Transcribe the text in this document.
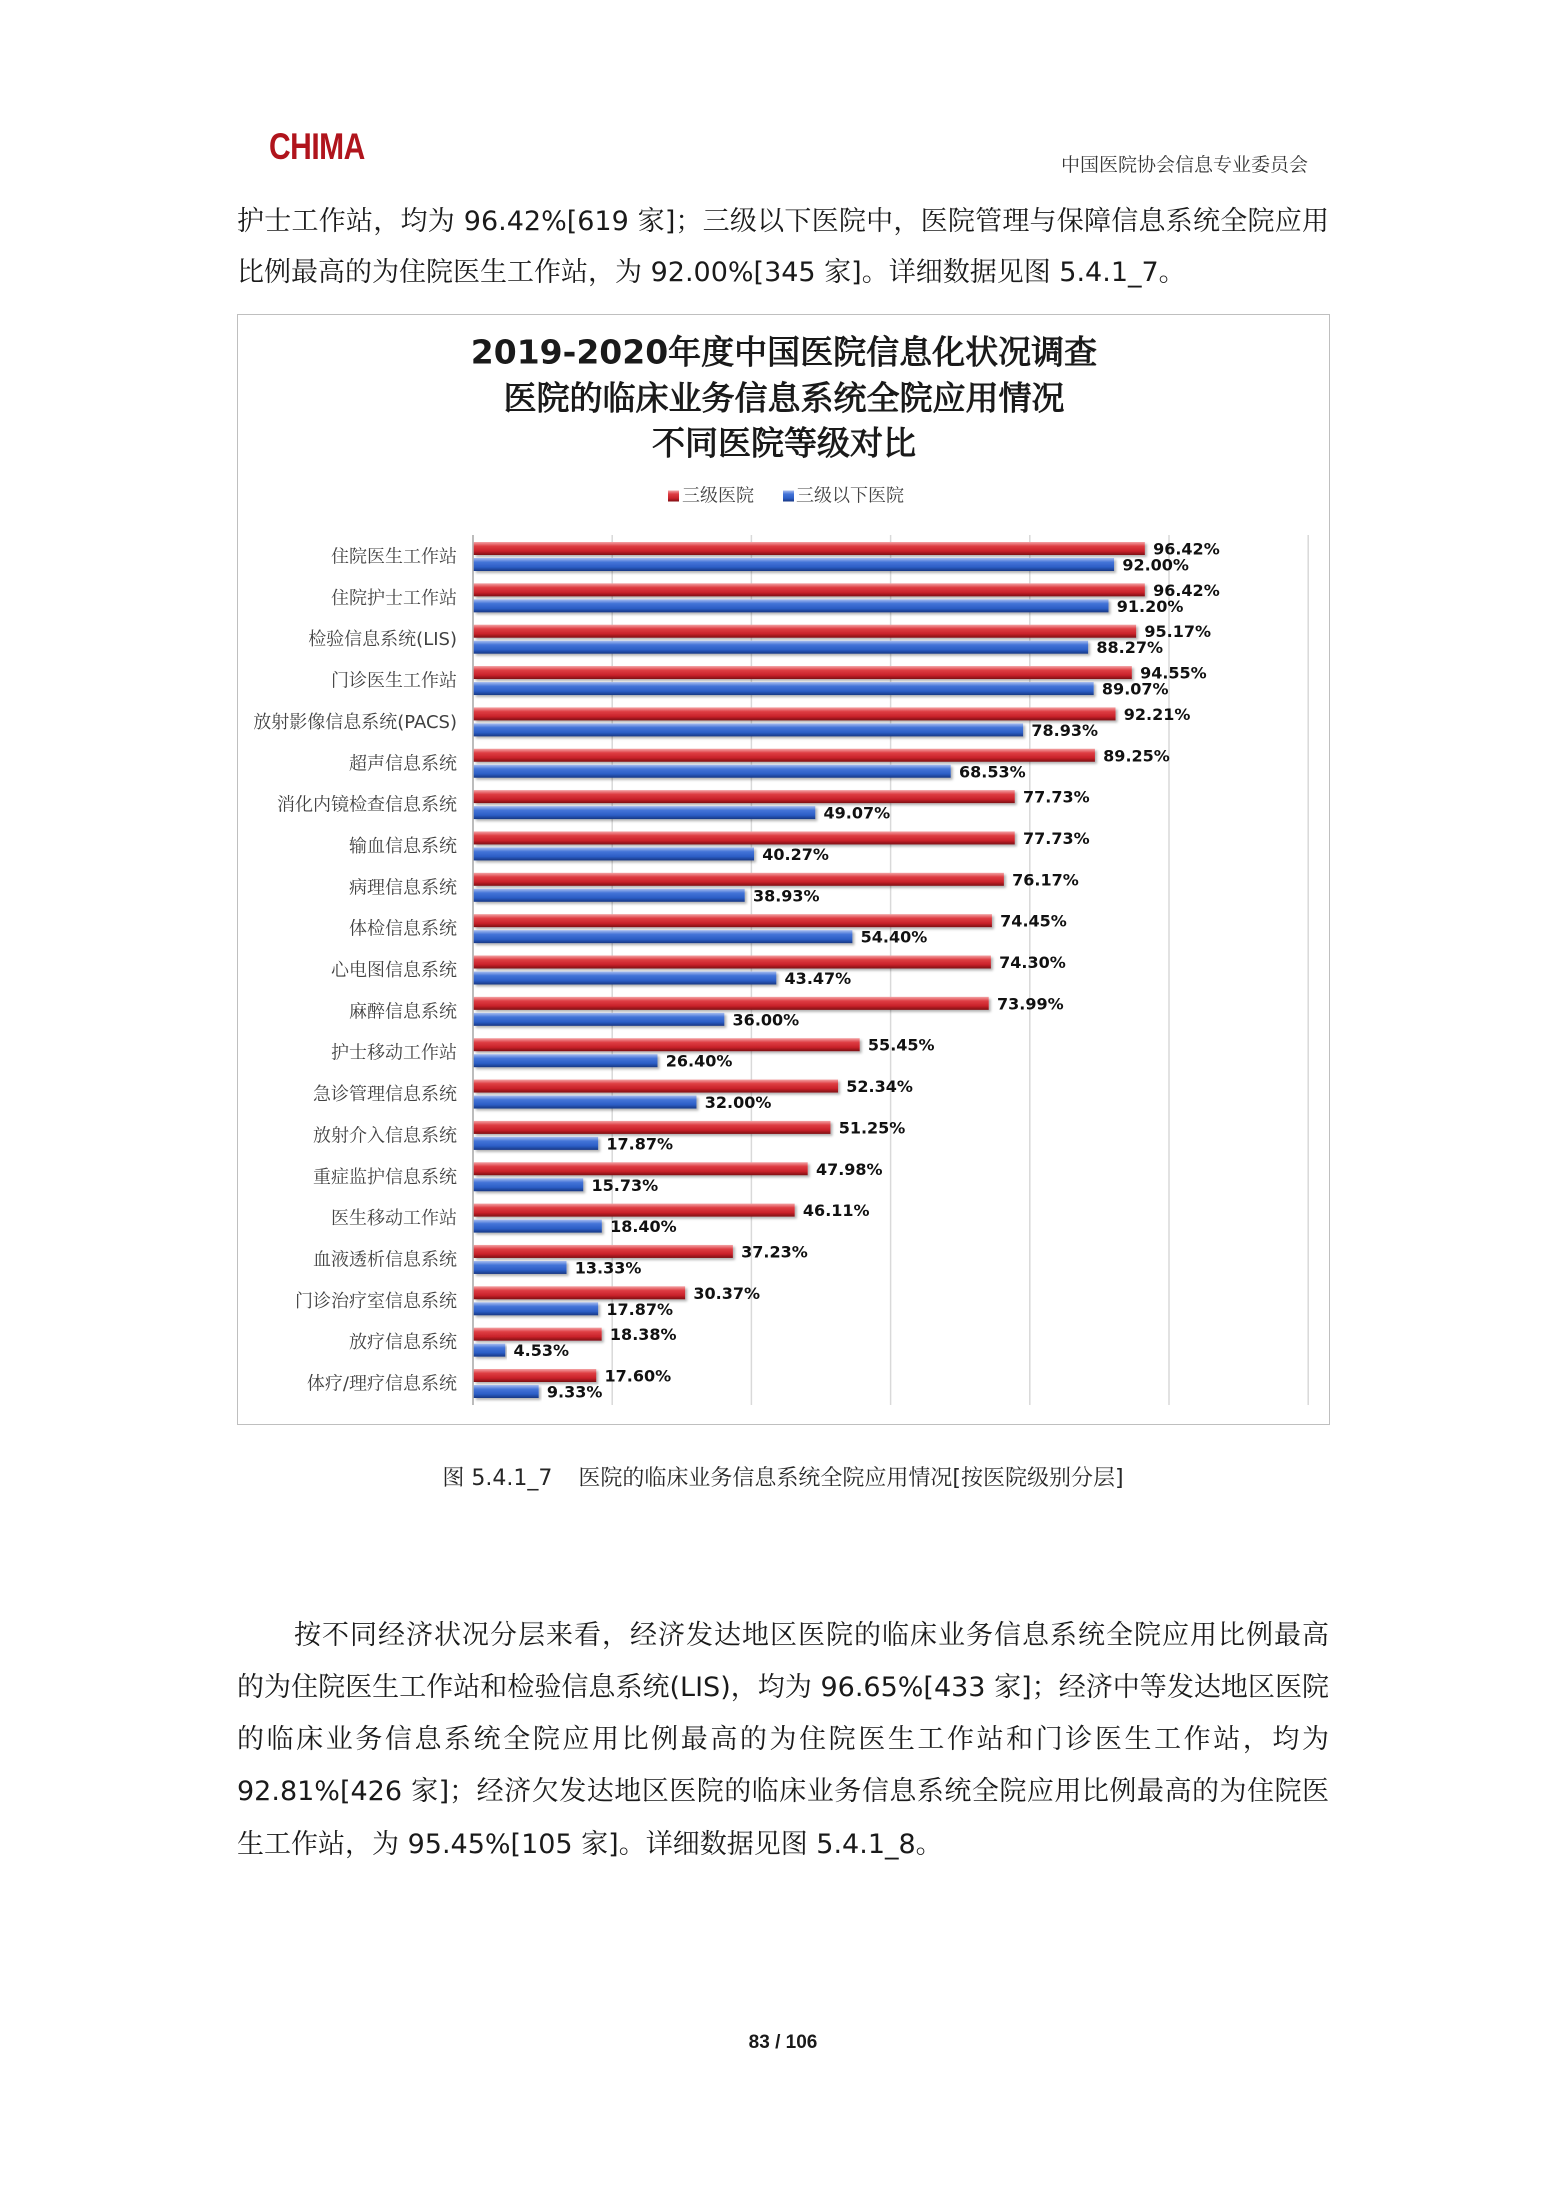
CHIMA	中国医院协会信息专业委员会
护士工作站，均为 96.42%[619 家]；三级以下医院中，医院管理与保障信息系统全院应用
比例最高的为住院医生工作站，为 92.00%[345 家]。详细数据见图 5.4.1_7。
2019-2020年度中国医院信息化状况调查
医院的临床业务信息系统全院应用情况
不同医院等级对比
三级医院 三级以下医院
住院医生工作站	96.42%
92.00%
住院护士工作站	96.42%
91.20%
检验信息系统(LIS)	95.17%
88.27%
门诊医生工作站	94.55%
89.07%
放射影像信息系统(PACS)	92.21%
78.93%
超声信息系统	89.25%
68.53%
消化内镜检查信息系统	77.73%
49.07%
输血信息系统	77.73%
40.27%
病理信息系统	76.17%
38.93%
体检信息系统	74.45%
54.40%
心电图信息系统	74.30%
43.47%
麻醉信息系统	73.99%
36.00%
护士移动工作站	55.45%
26.40%
急诊管理信息系统	52.34%
32.00%
放射介入信息系统	51.25%
17.87%
重症监护信息系统	47.98%
15.73%
医生移动工作站	46.11%
18.40%
血液透析信息系统	37.23%
13.33%
门诊治疗室信息系统	30.37%
17.87%
放疗信息系统	18.38%
4.53%
体疗/理疗信息系统	17.60%
9.33%
图 5.4.1_7 医院的临床业务信息系统全院应用情况[按医院级别分层]
按不同经济状况分层来看，经济发达地区医院的临床业务信息系统全院应用比例最高
的为住院医生工作站和检验信息系统(LIS)，均为 96.65%[433 家]；经济中等发达地区医院
的临床业务信息系统全院应用比例最高的为住院医生工作站和门诊医生工作站，均为
92.81%[426 家]；经济欠发达地区医院的临床业务信息系统全院应用比例最高的为住院医
生工作站，为 95.45%[105 家]。详细数据见图 5.4.1_8。
83 / 106
